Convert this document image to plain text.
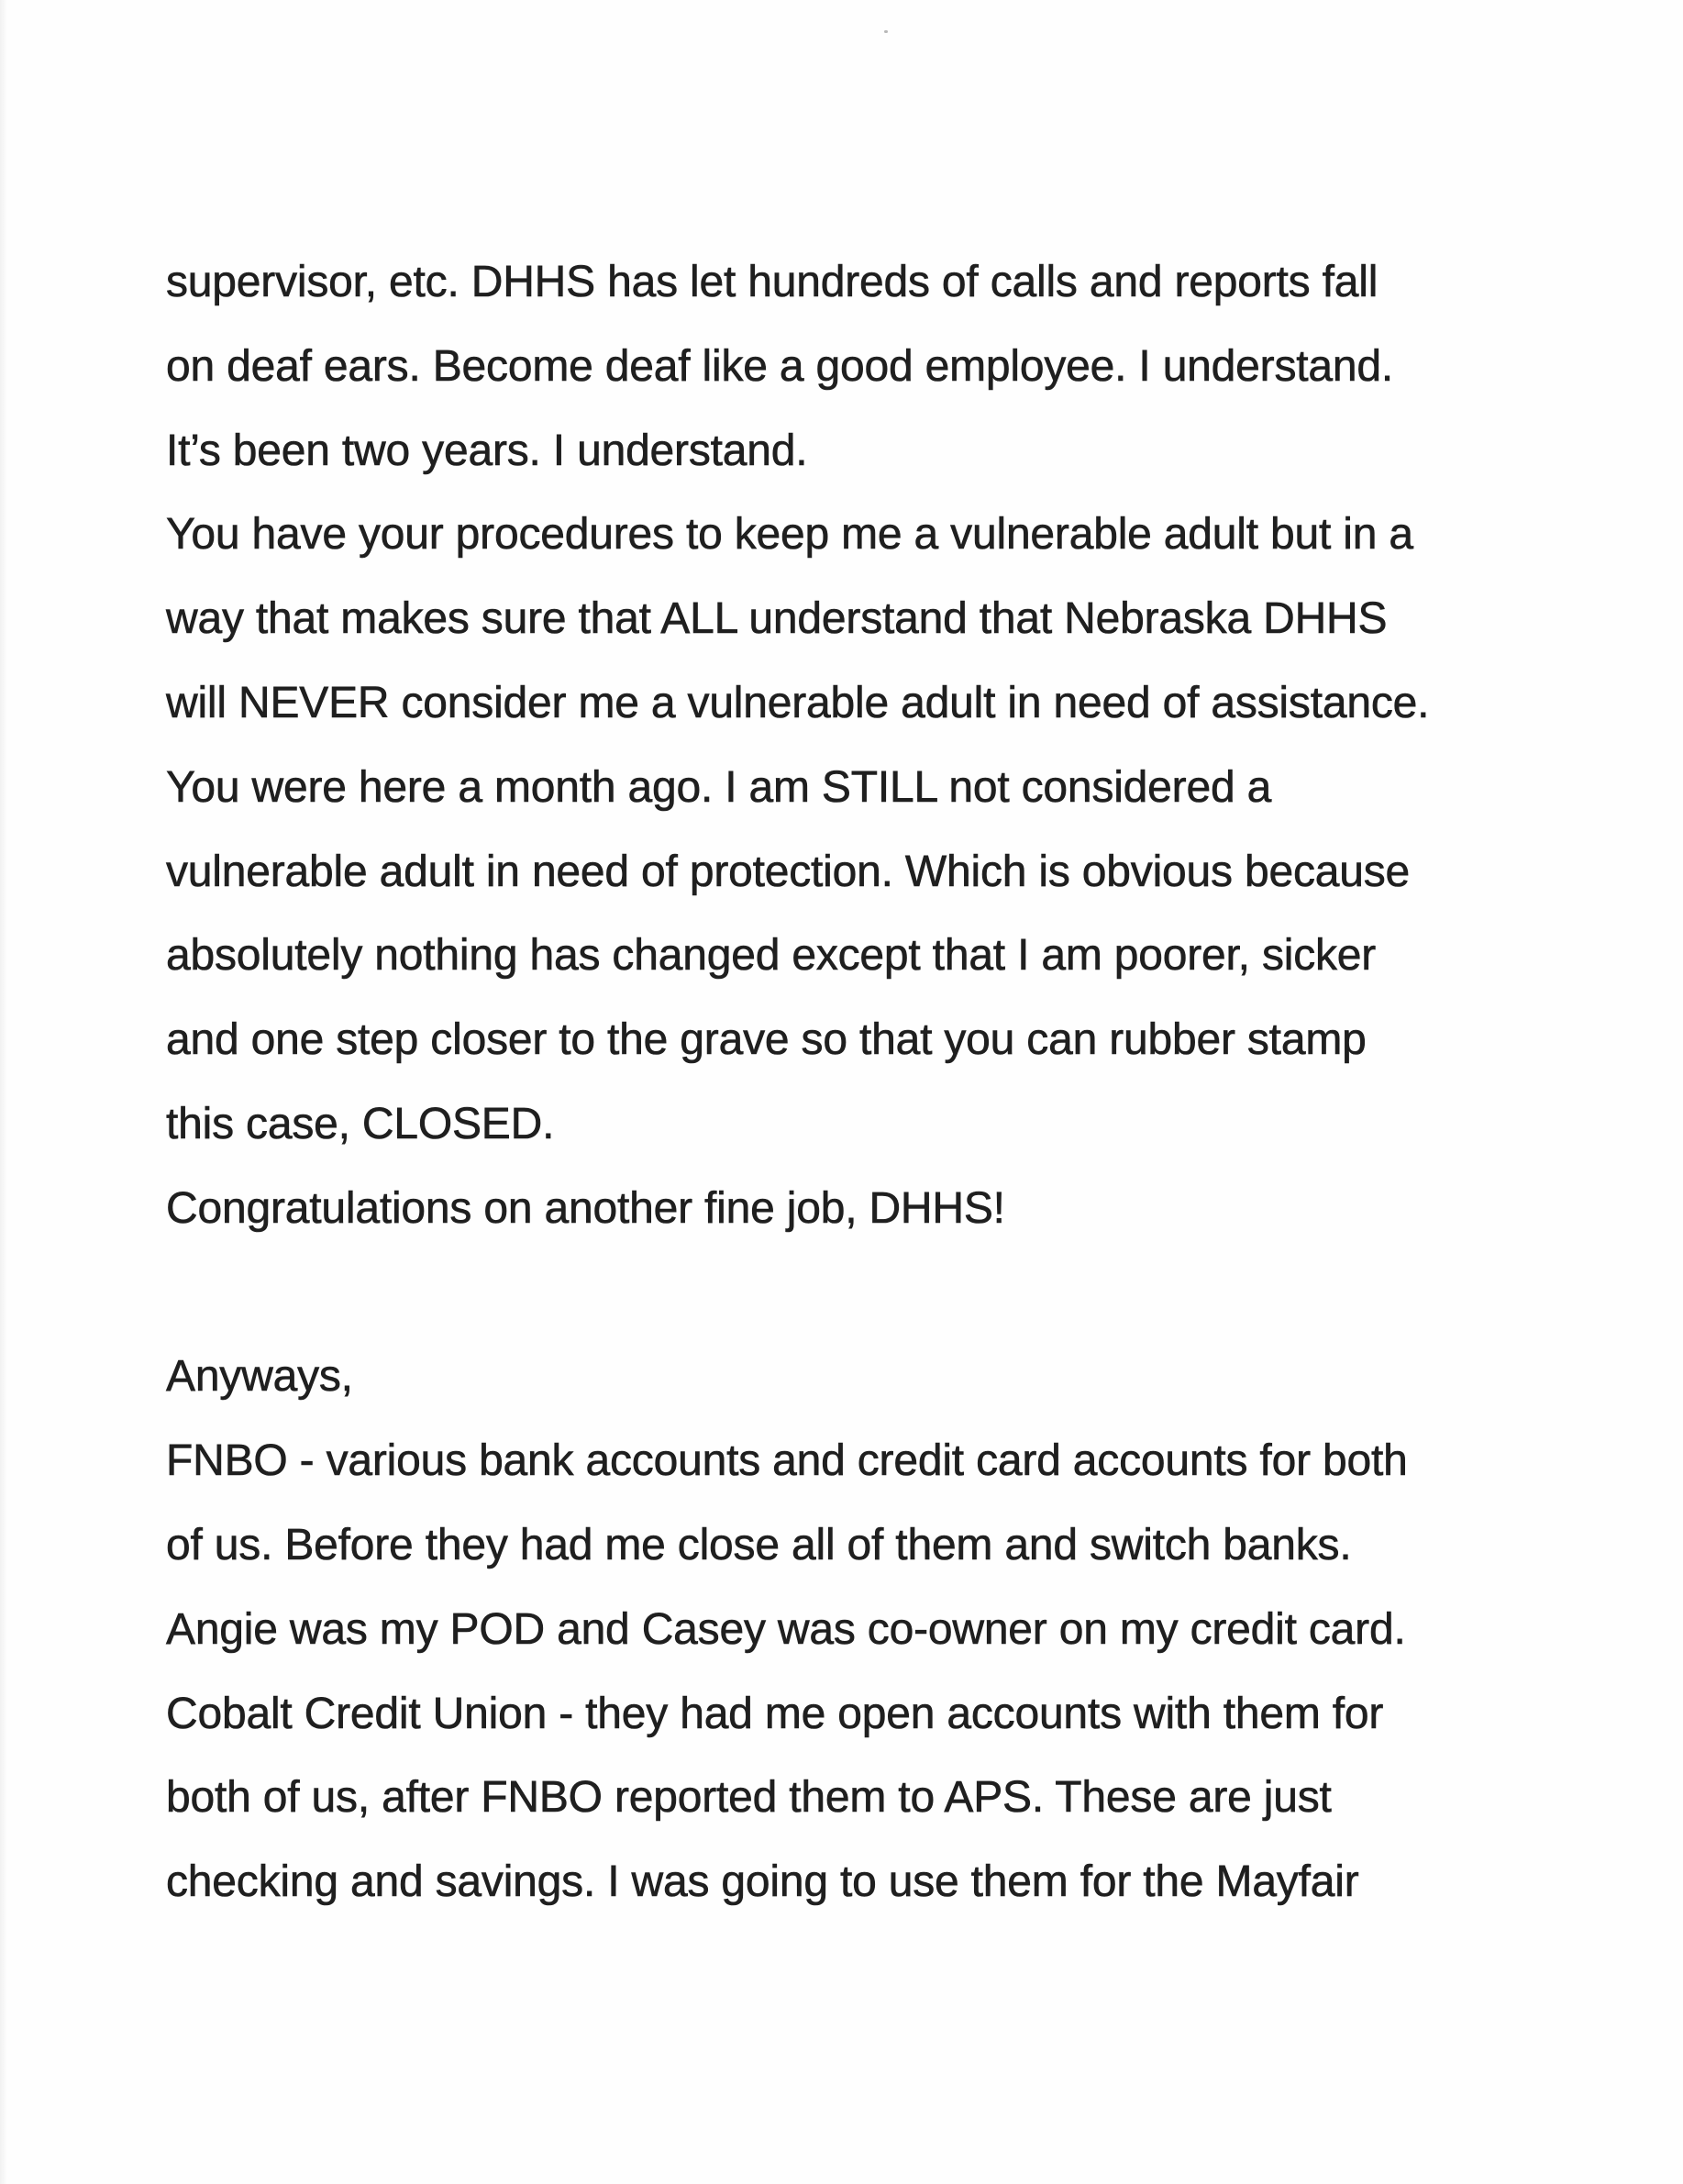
supervisor, etc. DHHS has let hundreds of calls and reports fall
on deaf ears. Become deaf like a good employee. I understand.
It’s been two years. I understand.
You have your procedures to keep me a vulnerable adult but in a
way that makes sure that ALL understand that Nebraska DHHS
will NEVER consider me a vulnerable adult in need of assistance.
You were here a month ago. I am STILL not considered a
vulnerable adult in need of protection. Which is obvious because
absolutely nothing has changed except that I am poorer, sicker
and one step closer to the grave so that you can rubber stamp
this case, CLOSED.
Congratulations on another fine job, DHHS!
Anyways,
FNBO - various bank accounts and credit card accounts for both
of us. Before they had me close all of them and switch banks.
Angie was my POD and Casey was co-owner on my credit card.
Cobalt Credit Union - they had me open accounts with them for
both of us, after FNBO reported them to APS. These are just
checking and savings. I was going to use them for the Mayfair
